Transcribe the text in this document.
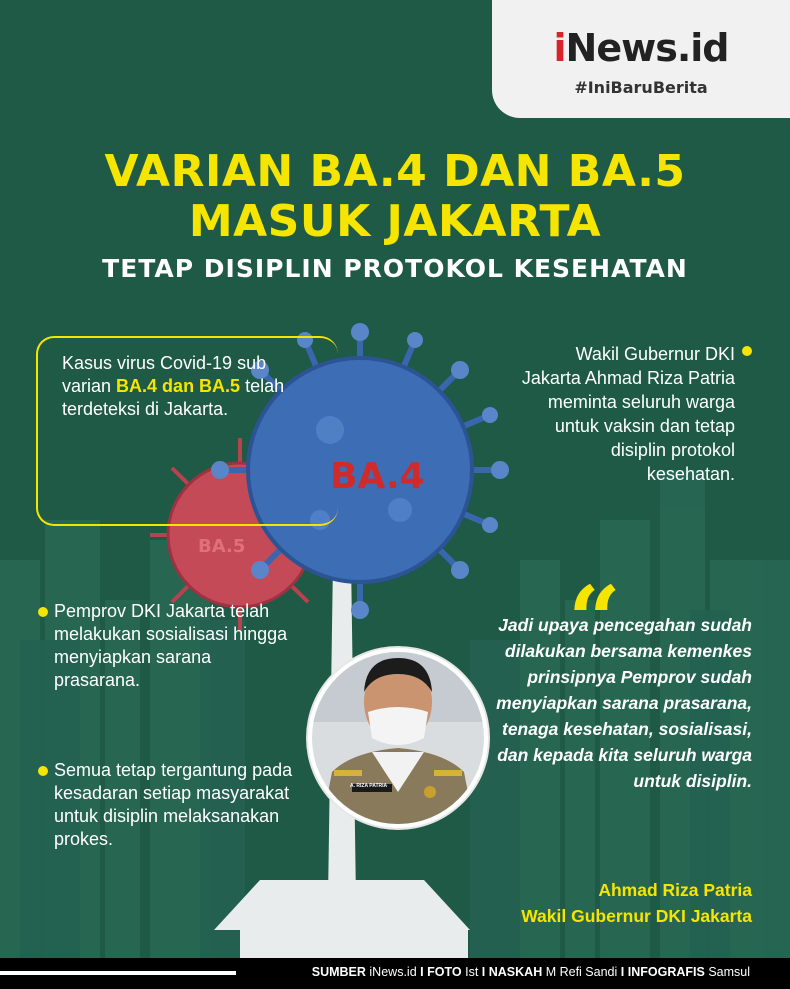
BA.4
BA.5
iNews.id
#IniBaruBerita
VARIAN BA.4 DAN BA.5
MASUK JAKARTA
TETAP DISIPLIN PROTOKOL KESEHATAN
Kasus virus Covid-19 sub varian BA.4 dan BA.5 telah terdeteksi di Jakarta.
Wakil Gubernur DKI Jakarta Ahmad Riza Patria meminta seluruh warga untuk vaksin dan tetap disiplin protokol kesehatan.
Pemprov DKI Jakarta telah melakukan sosialisasi hingga menyiapkan sarana prasarana.
Semua tetap tergantung pada kesadaran setiap masyarakat untuk disiplin melaksanakan prokes.
“
Jadi upaya pencegahan sudah dilakukan bersama kemenkes prinsipnya Pemprov sudah menyiapkan sarana prasarana, tenaga kesehatan, sosialisasi, dan kepada kita seluruh warga untuk disiplin.
Ahmad Riza Patria
Wakil Gubernur DKI Jakarta
A. RIZA PATRIA
SUMBER iNews.id I FOTO Ist I NASKAH M Refi Sandi I INFOGRAFIS Samsul
